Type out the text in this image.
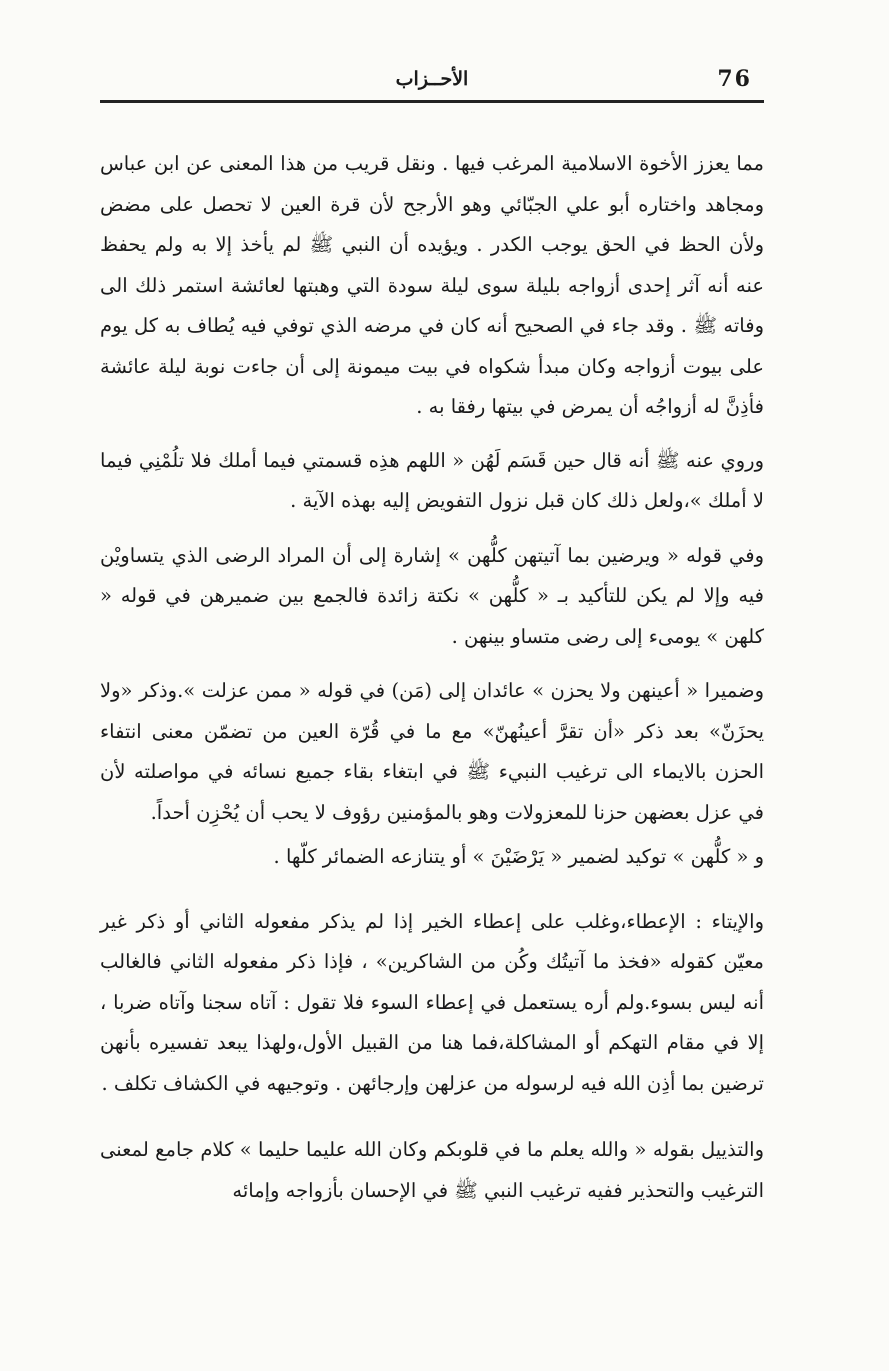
76
الأحــزاب

مما يعزز الأخوة الاسلامية المرغب فيها . ونقل قريب من هذا المعنى عن ابن عباس ومجاهد واختاره أبو علي الجبّائي وهو الأرجح لأن قرة العين لا تحصل على مضض ولأن الحظ في الحق يوجب الكدر . ويؤيده أن النبي ﷺ لم يأخذ إلا به ولم يحفظ عنه أنه آثر إحدى أزواجه بليلة سوى ليلة سودة التي وهبتها لعائشة استمر ذلك الى وفاته ﷺ . وقد جاء في الصحيح أنه كان في مرضه الذي توفي فيه يُطاف به كل يوم على بيوت أزواجه وكان مبدأ شكواه في بيت ميمونة إلى أن جاءت نوبة ليلة عائشة فأذِنَّ له أزواجُه أن يمرض في بيتها رفقا به .

وروي عنه ﷺ أنه قال حين قَسَم لَهُن « اللهم هذِه قسمتي فيما أملك فلا تلُمْنِي فيما لا أملك »،ولعل ذلك كان قبل نزول التفويض إليه بهذه الآية .

وفي قوله « ويرضين بما آتيتهن كلُّهن » إشارة إلى أن المراد الرضى الذي يتساويْن فيه وإلا لم يكن للتأكيد بـ « كلُّهن » نكتة زائدة فالجمع بين ضميرهن في قوله « كلهن » يومىء إلى رضى متساو بينهن .

وضميرا « أعينهن ولا يحزن » عائدان إلى (مَن) في قوله « ممن عزلت ».وذكر «ولا يحزَنّ» بعد ذكر «أن تقرَّ أعينُهنّ» مع ما في قُرّة العين من تضمّن معنى انتفاء الحزن بالايماء الى ترغيب النبيء ﷺ في ابتغاء بقاء جميع نسائه في مواصلته لأن في عزل بعضهن حزنا للمعزولات وهو بالمؤمنين رؤوف لا يحب أن يُحْزِن أحداً.

و « كلُّهن » توكيد لضمير « يَرْضَيْنَ » أو يتنازعه الضمائر كلّها .

والإيتاء : الإعطاء،وغلب على إعطاء الخير إذا لم يذكر مفعوله الثاني أو ذكر غير معيّن كقوله «فخذ ما آتيتُك وكُن من الشاكرين» ، فإذا ذكر مفعوله الثاني فالغالب أنه ليس بسوء.ولم أره يستعمل في إعطاء السوء فلا تقول : آتاه سجنا وآتاه ضربا ، إلا في مقام التهكم أو المشاكلة،فما هنا من القبيل الأول،ولهذا يبعد تفسيره بأنهن ترضين بما أذِن الله فيه لرسوله من عزلهن وإرجائهن . وتوجيهه في الكشاف تكلف .

والتذييل بقوله « والله يعلم ما في قلوبكم وكان الله عليما حليما » كلام جامع لمعنى الترغيب والتحذير ففيه ترغيب النبي ﷺ في الإحسان بأزواجه وإمائه
